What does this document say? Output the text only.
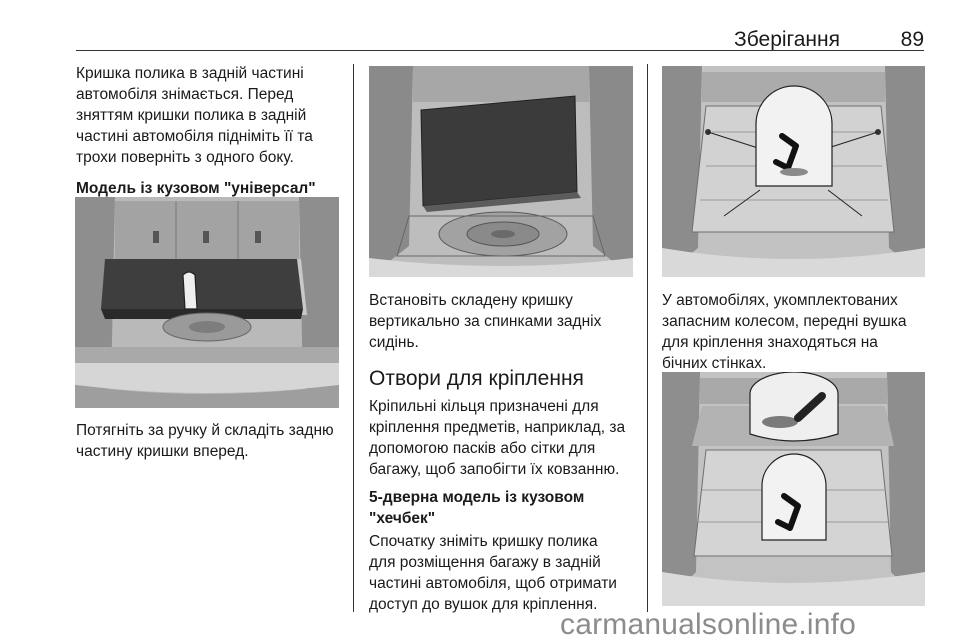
Зберігання	89

Кришка полика в задній частині
автомобіля знімається. Перед
зняттям кришки полика в задній
частині автомобіля підніміть її та
трохи поверніть з одного боку.

Модель із кузовом "універсал"

Потягніть за ручку й складіть задню
частину кришки вперед.

Встановіть складену кришку
вертикально за спинками задніх
сидінь.

Отвори для кріплення

Кріпильні кільця призначені для
кріплення предметів, наприклад, за
допомогою пасків або сітки для
багажу, щоб запобігти їх ковзанню.

5-дверна модель із кузовом
"хечбек"

Спочатку зніміть кришку полика
для розміщення багажу в задній
частині автомобіля, щоб отримати
доступ до вушок для кріплення.

У автомобілях, укомплектованих
запасним колесом, передні вушка
для кріплення знаходяться на
бічних стінках.

carmanualsonline.info
